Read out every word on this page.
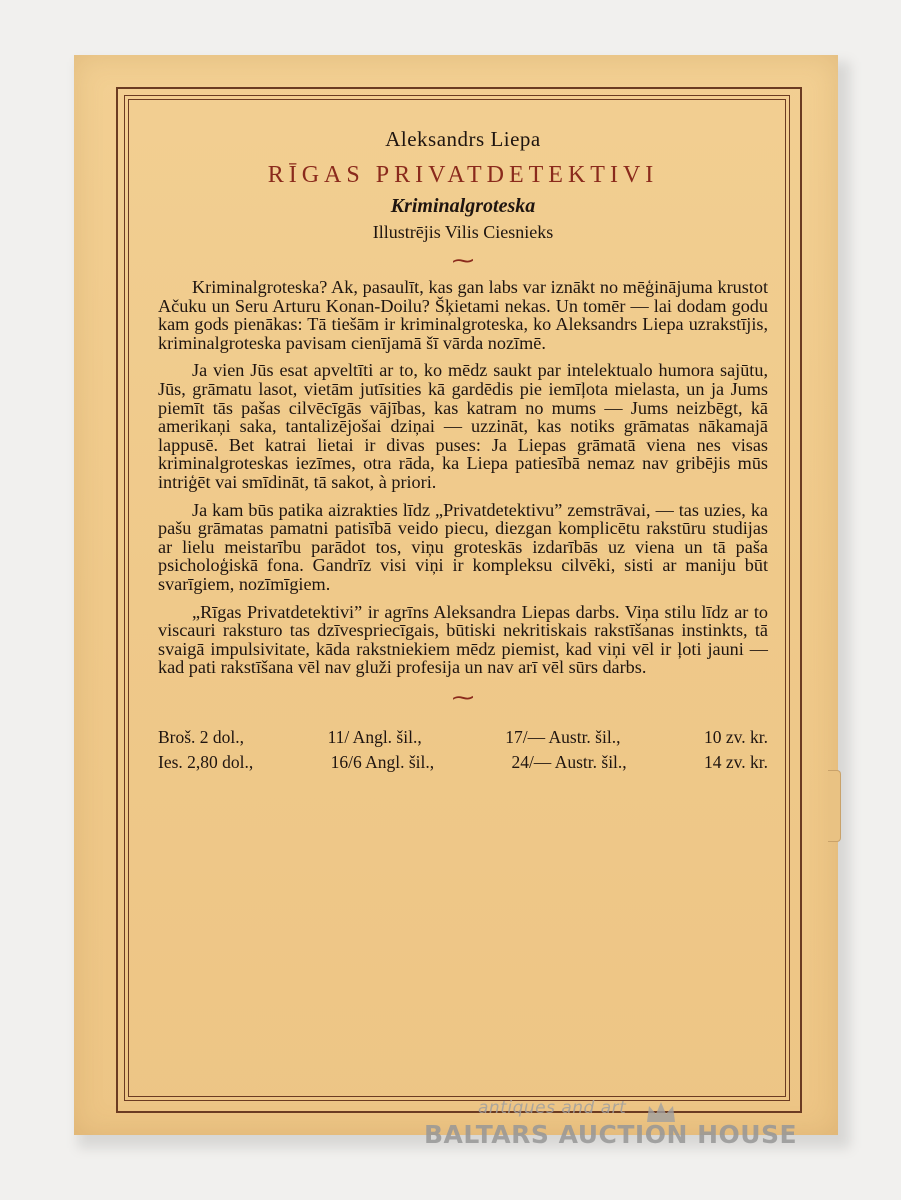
Aleksandrs Liepa
RĪGAS PRIVATDETEKTIVI
Kriminalgroteska
Illustrējis Vilis Ciesnieks
⁓

Kriminalgroteska? Ak, pasaulīt, kas gan labs var iznākt no mēģinājuma krustot Ačuku un Seru Arturu Konan-Doilu? Šķietami nekas. Un tomēr — lai dodam godu kam gods pienākas: Tā tiešām ir kriminalgroteska, ko Aleksandrs Liepa uzrakstījis, kriminalgroteska pavisam cienījamā šī vārda nozīmē.

Ja vien Jūs esat apveltīti ar to, ko mēdz saukt par intelektualo humora sajūtu, Jūs, grāmatu lasot, vietām jutīsities kā gardēdis pie iemīļota mielasta, un ja Jums piemīt tās pašas cilvēcīgās vājības, kas katram no mums — Jums neizbēgt, kā amerikaņi saka, tantalizējošai dziņai — uzzināt, kas notiks grāmatas nākamajā lappusē. Bet katrai lietai ir divas puses: Ja Liepas grāmatā viena nes visas kriminalgroteskas iezīmes, otra rāda, ka Liepa patiesībā nemaz nav gribējis mūs intriģēt vai smīdināt, tā sakot, à priori.

Ja kam būs patika aizrakties līdz „Privatdetektivu” zemstrāvai, — tas uzies, ka pašu grāmatas pamatni patisībā veido piecu, diezgan komplicētu rakstūru studijas ar lielu meistarību parādot tos, viņu groteskās izdarībās uz viena un tā paša psicholoģiskā fona. Gandrīz visi viņi ir kompleksu cilvēki, sisti ar maniju būt svarīgiem, nozīmīgiem.

„Rīgas Privatdetektivi” ir agrīns Aleksandra Liepas darbs. Viņa stilu līdz ar to viscauri raksturo tas dzīvespriecīgais, būtiski nekritiskais rakstīšanas instinkts, tā svaigā impulsivitate, kāda rakstniekiem mēdz piemist, kad viņi vēl ir ļoti jauni — kad pati rakstīšana vēl nav gluži profesija un nav arī vēl sūrs darbs.

⁓
Broš. 2 dol.,	11/ Angl. šil.,	17/— Austr. šil.,	10 zv. kr.
Ies. 2,80 dol.,	16/6 Angl. šil.,	24/— Austr. šil.,	14 zv. kr.
antiques and art
BALTARS AUCTION HOUSE
